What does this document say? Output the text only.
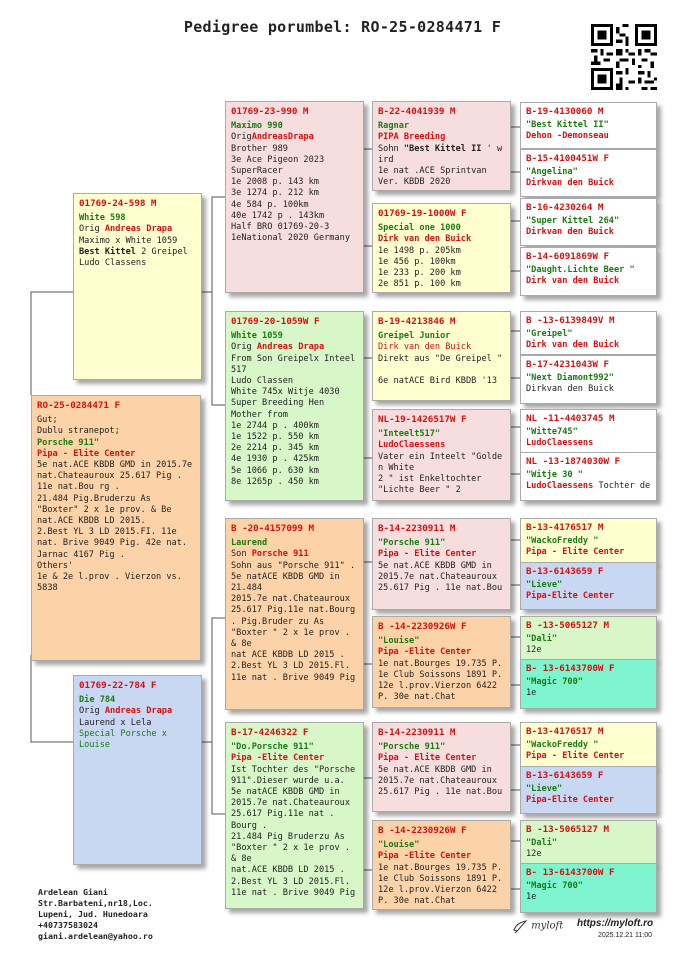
Pedigree porumbel: RO-25-0284471 F
RO-25-0284471 F
Gut;
Dublu stranepot;
Porsche 911"
Pipa - Elite Center
5e nat.ACE KBDB GMD in 2015.7e nat.Chateauroux 25.617 Pig . 11e nat.Bou rg .
21.484 Pig.Bruderzu As "Boxter" 2 x 1e prov. & Be
nat.ACE KBDB LD 2015.
2.Best YL 3 LD 2015.FI. 11e nat. Brive 9049 Pig. 42e nat. Jarnac 4167 Pig .
Others'
1e & 2e l.prov . Vierzon vs. 5838
01769-24-598 M
White 598
Orig Andreas Drapa
Maximo x White 1059
Best Kittel 2 Greipel
Ludo Classens
01769-22-784 F
Die 784
Orig Andreas Drapa
Laurend x Lela
Special Porsche x Louise
01769-23-990 M
Maximo 990
OrigAndreasDrapa
Brother 989
3e Ace Pigeon 2023
SuperRacer
1e 2008 p. 143 km
3e 1274 p. 212 km
4e 584 p. 100km
40e 1742 p . 143km
Half BRO 01769-20-3
1eNational 2020 Germany
01769-20-1059W F
White 1059
Orig Andreas Drapa
From Son Greipelx Inteel 517
Ludo Classen
White 745x Witje 4030
Super Breeding Hen
Mother from
1e 2744 p . 400km
1e 1522 p. 550 km
2e 2214 p. 345 km
4e 1930 p . 425km
5e 1066 p. 630 km
8e 1265p . 450 km
B -20-4157099 M
Laurend
Son Porsche 911
Sohn aus "Porsche 911" .
5e natACE KBDB GMD in 21.484
2015.7e nat.Chateauroux 25.617 Pig.11e nat.Bourg . Pig.Bruder zu As "Boxter " 2 x 1e prov . & 8e
nat ACE KBDB LD 2015 . 2.Best YL 3 LD 2015.Fl. 11e nat . Brive 9049 Pig
B-17-4246322 F
"Do.Porsche 911"
Pipa -Elite Center
Ist Tochter des "Porsche 911".Dieser wurde u.a. 5e natACE KBDB GMD in 2015.7e nat.Chateauroux 25.617 Pig.11e nat . Bourg .
21.484 Pig Bruderzu As "Boxter " 2 x 1e prov . & 8e
nat.ACE KBDB LD 2015 . 2.Best YL 3 LD 2015.Fl. 11e nat . Brive 9049 Pig
B-22-4041939 M
Ragnar
PIPA Breeding
Sohn "Best Kittel II ' w ird
1e nat .ACE Sprintvan
Ver. KBDB 2020
01769-19-1000W F
Special one 1000
Dirk van den Buick
1e 1498 p. 205km
1e 456 p. 100km
1e 233 p. 200 km
2e 851 p. 100 km
B-19-4213846 M
Greipel Junior
Dirk van den Buick
Direkt aus "De Greipel "

6e natACE Bird KBDB '13
NL-19-1426517W F
"Inteelt517"
LudoClaessens
Vater ein Inteelt "Golde n White
2 " ist Enkeltochter
"Lichte Beer " 2
B-14-2230911 M
"Porsche 911"
Pipa - Elite Center
5e nat.ACE KBDB GMD in 2015.7e nat.Chateauroux 25.617 Pig . 11e nat.Bou
B -14-2230926W F
"Louise"
Pipa -Elite Center
1e nat.Bourges 19.735 P. 1e Club Soissons 1891 P. 12e l.prov.Vierzon 6422
P. 30e nat.Chat
B-14-2230911 M
"Porsche 911"
Pipa - Elite Center
5e nat.ACE KBDB GMD in 2015.7e nat.Chateauroux 25.617 Pig . 11e nat.Bou
B -14-2230926W F
"Louise"
Pipa -Elite Center
1e nat.Bourges 19.735 P. 1e Club Soissons 1891 P. 12e l.prov.Vierzon 6422
P. 30e nat.Chat
B-19-4130060 M
"Best Kittel II"
Dehon -Demonseau
B-15-4100451W F
"Angelina"
Dirkvan den Buick
B-16-4230264 M
"Super Kittel 264"
Dirkvan den Buick
B-14-6091869W F
"Daught.Lichte Beer "
Dirk van den Buick
B -13-6139849V M
"Greipel"
Dirk van den Buick
B-17-4231043W F
"Next Diamont992"
Dirkvan den Buick
NL -11-4403745 M
"Witte745"
LudoClaessens
NL -13-1874030W F
"Witje 30 "
LudoClaessens Tochter de
B-13-4176517 M
"WackoFreddy "
Pipa - Elite Center
B-13-6143659 F
"Lieve"
Pipa-Elite Center
B -13-5065127 M
"Dali"
12e
B- 13-6143700W F
"Magic 700"
1e
B-13-4176517 M
"WackoFreddy "
Pipa - Elite Center
B-13-6143659 F
"Lieve"
Pipa-Elite Center
B -13-5065127 M
"Dali"
12e
B- 13-6143700W F
"Magic 700"
1e
Ardelean Giani
Str.Barbateni,nr18,Loc.
Lupeni, Jud. Hunedoara
+40737583024
giani.ardelean@yahoo.ro
myloft https://myloft.ro
2025.12.21 11:00
